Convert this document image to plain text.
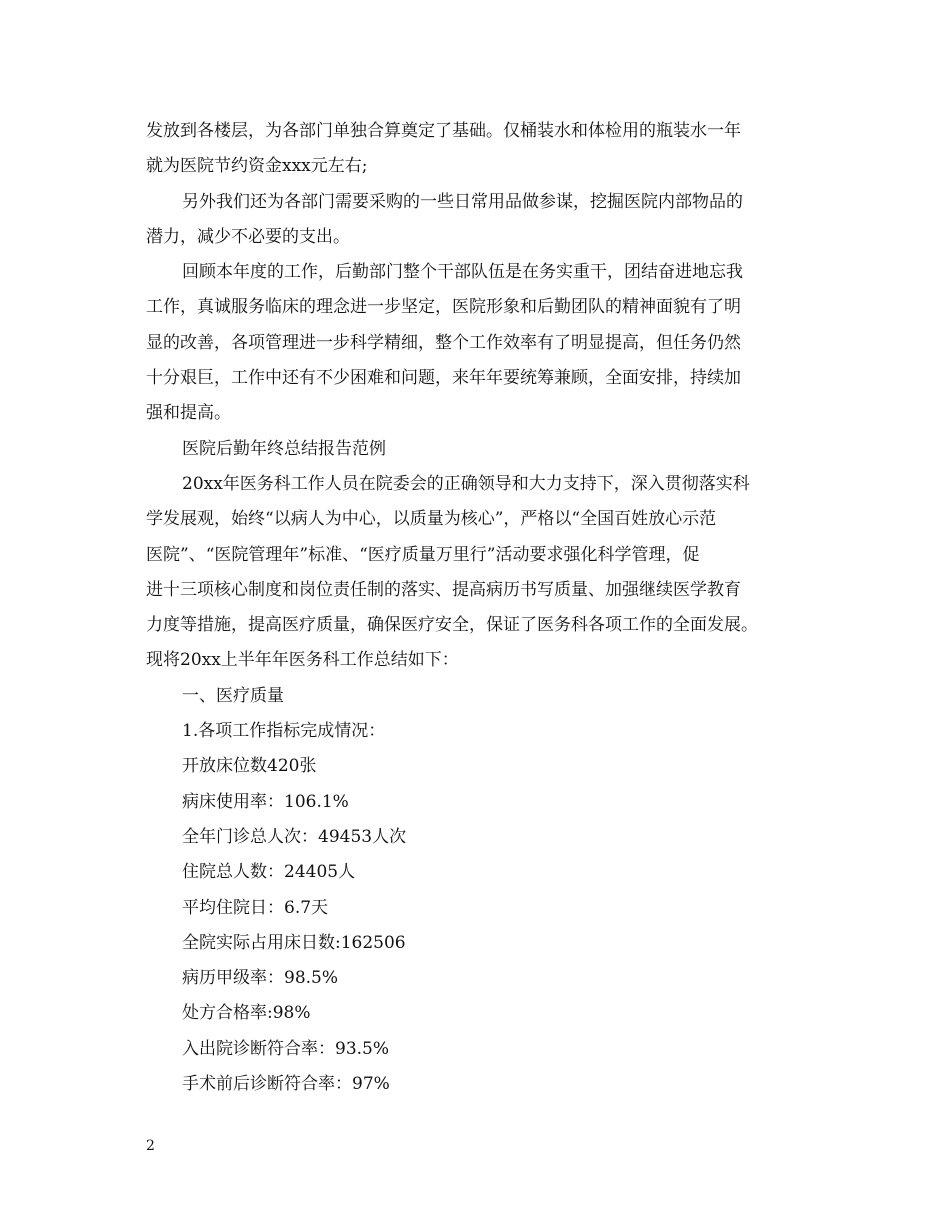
发放到各楼层，为各部门单独合算奠定了基础。仅桶装水和体检用的瓶装水一年
就为医院节约资金xxx元左右;
另外我们还为各部门需要采购的一些日常用品做参谋，挖掘医院内部物品的
潜力，减少不必要的支出。
回顾本年度的工作，后勤部门整个干部队伍是在务实重干，团结奋进地忘我
工作，真诚服务临床的理念进一步坚定，医院形象和后勤团队的精神面貌有了明
显的改善，各项管理进一步科学精细，整个工作效率有了明显提高，但任务仍然
十分艰巨，工作中还有不少困难和问题，来年年要统筹兼顾，全面安排，持续加
强和提高。
医院后勤年终总结报告范例
20xx年医务科工作人员在院委会的正确领导和大力支持下，深入贯彻落实科
学发展观，始终“以病人为中心，以质量为核心”，严格以“全国百姓放心示范
医院”、“医院管理年”标准、“医疗质量万里行”活动要求强化科学管理，促
进十三项核心制度和岗位责任制的落实、提高病历书写质量、加强继续医学教育
力度等措施，提高医疗质量，确保医疗安全，保证了医务科各项工作的全面发展。
现将20xx上半年年医务科工作总结如下：
一、医疗质量
1.各项工作指标完成情况：
开放床位数420张
病床使用率：106.1%
全年门诊总人次：49453人次
住院总人数：24405人
平均住院日：6.7天
全院实际占用床日数:162506
病历甲级率：98.5%
处方合格率:98%
入出院诊断符合率：93.5%
手术前后诊断符合率：97%
2
